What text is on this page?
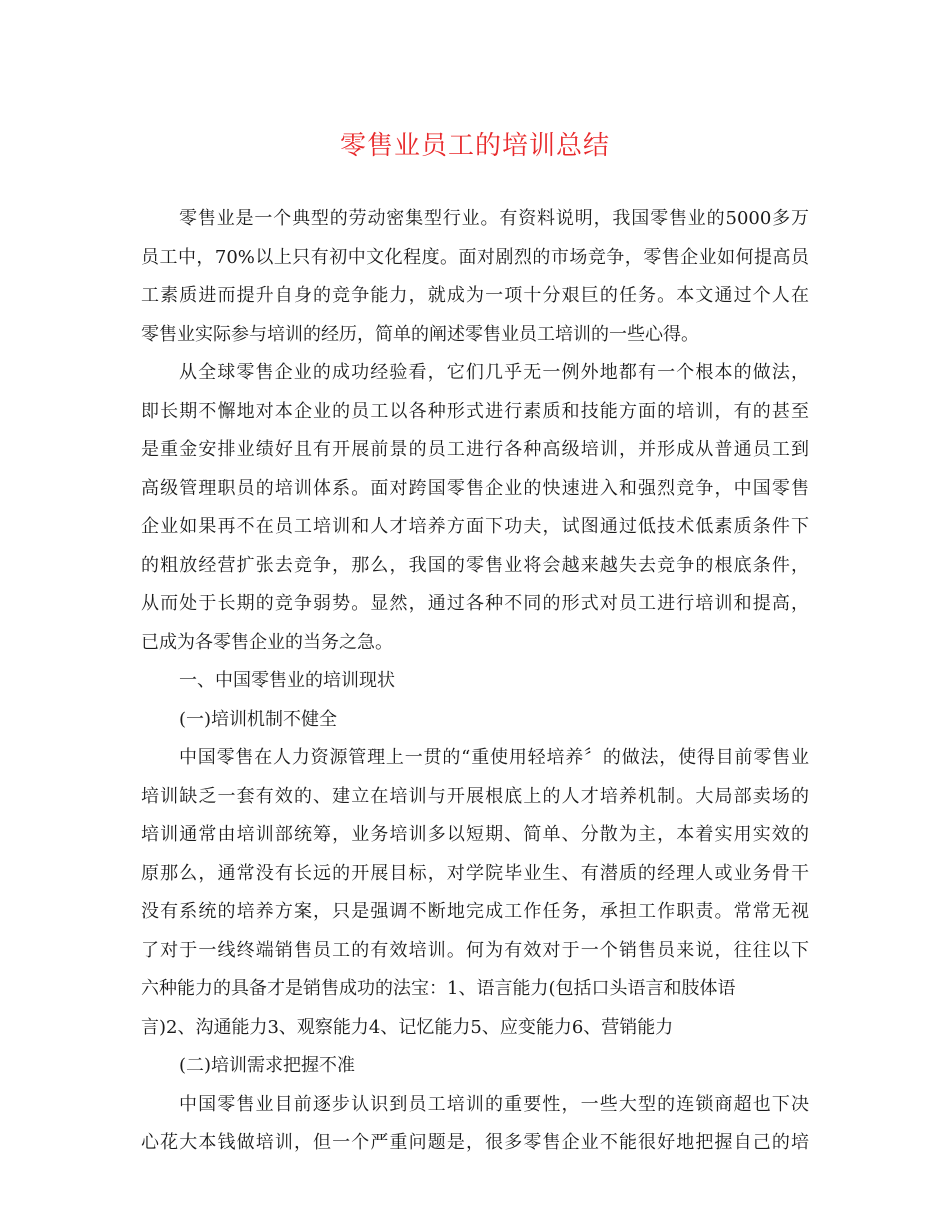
零售业员工的培训总结
零售业是一个典型的劳动密集型行业。有资料说明，我国零售业的5000多万
员工中，70%以上只有初中文化程度。面对剧烈的市场竞争，零售企业如何提高员
工素质进而提升自身的竞争能力，就成为一项十分艰巨的任务。本文通过个人在
零售业实际参与培训的经历，简单的阐述零售业员工培训的一些心得。
从全球零售企业的成功经验看，它们几乎无一例外地都有一个根本的做法，
即长期不懈地对本企业的员工以各种形式进行素质和技能方面的培训，有的甚至
是重金安排业绩好且有开展前景的员工进行各种高级培训，并形成从普通员工到
高级管理职员的培训体系。面对跨国零售企业的快速进入和强烈竞争，中国零售
企业如果再不在员工培训和人才培养方面下功夫，试图通过低技术低素质条件下
的粗放经营扩张去竞争，那么，我国的零售业将会越来越失去竞争的根底条件，
从而处于长期的竞争弱势。显然，通过各种不同的形式对员工进行培训和提高，
已成为各零售企业的当务之急。
一、中国零售业的培训现状
(一)培训机制不健全
中国零售在人力资源管理上一贯的“重使用轻培养〞的做法，使得目前零售业
培训缺乏一套有效的、建立在培训与开展根底上的人才培养机制。大局部卖场的
培训通常由培训部统筹，业务培训多以短期、简单、分散为主，本着实用实效的
原那么，通常没有长远的开展目标，对学院毕业生、有潜质的经理人或业务骨干
没有系统的培养方案，只是强调不断地完成工作任务，承担工作职责。常常无视
了对于一线终端销售员工的有效培训。何为有效对于一个销售员来说，往往以下
六种能力的具备才是销售成功的法宝：1、语言能力(包括口头语言和肢体语
言)2、沟通能力3、观察能力4、记忆能力5、应变能力6、营销能力
(二)培训需求把握不准
中国零售业目前逐步认识到员工培训的重要性，一些大型的连锁商超也下决
心花大本钱做培训，但一个严重问题是，很多零售企业不能很好地把握自己的培
